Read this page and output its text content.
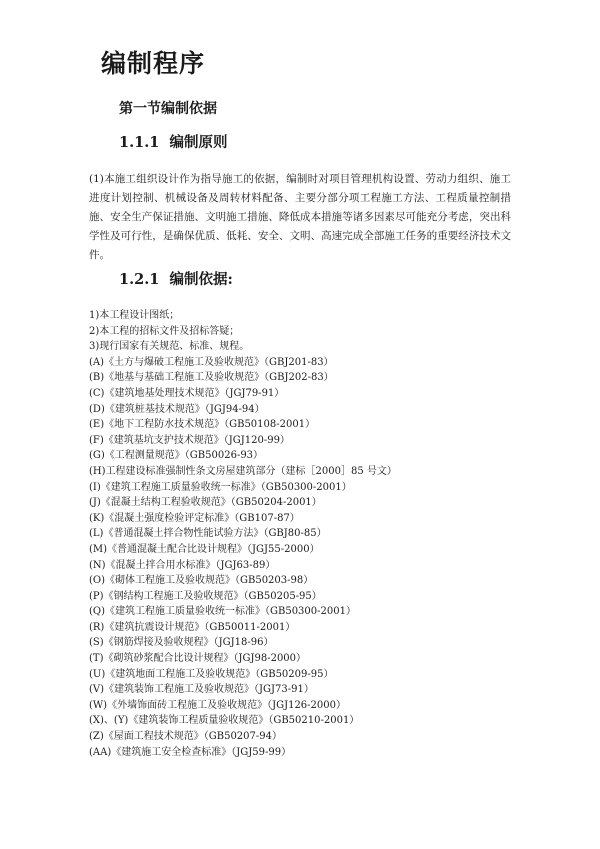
编制程序
第一节编制依据
1.1.1  编制原则

(1)本施工组织设计作为指导施工的依据，编制时对项目管理机构设置、劳动力组织、施工进度计划控制、机械设备及周转材料配备、主要分部分项工程施工方法、工程质量控制措施、安全生产保证措施、文明施工措施、降低成本措施等诸多因素尽可能充分考虑，突出科学性及可行性，是确保优质、低耗、安全、文明、高速完成全部施工任务的重要经济技术文件。

1.2.1  编制依据:
1)本工程设计图纸；
2)本工程的招标文件及招标答疑；
3)现行国家有关规范、标准、规程。
(A)《土方与爆破工程施工及验收规范》（GBJ201-83）
(B)《地基与基础工程施工及验收规范》（GBJ202-83）
(C)《建筑地基处理技术规范》（JGJ79-91）
(D)《建筑桩基技术规范》（JGJ94-94）
(E)《地下工程防水技术规范》（GB50108-2001）
(F)《建筑基坑支护技术规范》（JGJ120-99）
(G)《工程测量规范》（GB50026-93）
(H)工程建设标准强制性条文房屋建筑部分（建标［2000］85 号文）
(I)《建筑工程施工质量验收统一标准》（GB50300-2001）
(J)《混凝土结构工程验收规范》（GB50204-2001）
(K)《混凝土强度检验评定标准》（GB107-87）
(L)《普通混凝土拌合物性能试验方法》（GBJ80-85）
(M)《普通混凝土配合比设计规程》（JGJ55-2000）
(N)《混凝土拌合用水标准》（JGJ63-89）
(O)《砌体工程施工及验收规范》（GB50203-98）
(P)《钢结构工程施工及验收规范》（GB50205-95）
(Q)《建筑工程施工质量验收统一标准》（GB50300-2001）
(R)《建筑抗震设计规范》（GB50011-2001）
(S)《钢筋焊接及验收规程》（JGJ18-96）
(T)《砌筑砂浆配合比设计规程》（JGJ98-2000）
(U)《建筑地面工程施工及验收规范》（GB50209-95）
(V)《建筑装饰工程施工及验收规范》（JGJ73-91）
(W)《外墙饰面砖工程施工及验收规范》（JGJ126-2000）
(X)、(Y)《建筑装饰工程质量验收规范》（GB50210-2001）
(Z)《屋面工程技术规范》（GB50207-94）
(AA)《建筑施工安全检查标准》（JGJ59-99）
